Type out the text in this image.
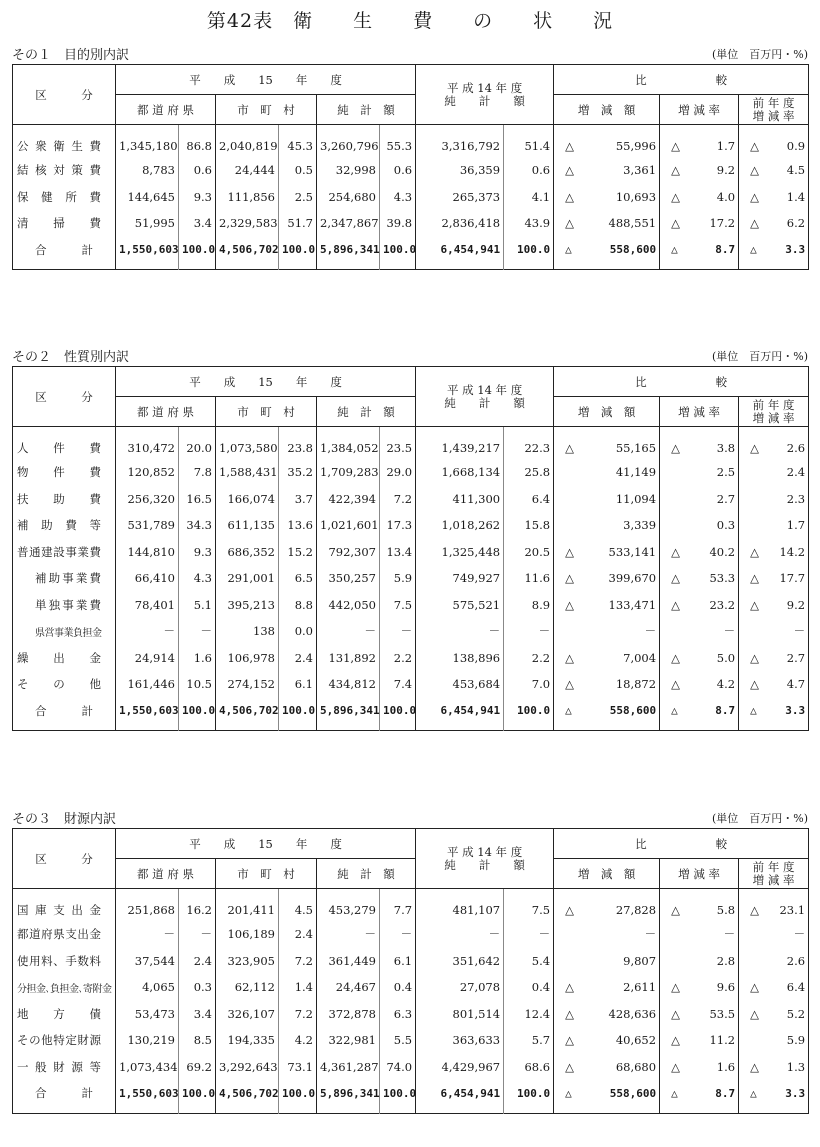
第42表　衛　　生　　費　　の　　状　　況
その１　目的別内訳	(単位　百万円・%)
区　　　分	平　　成　　15　　年　　度						平 成 14 年 度
純　　計　　額		比　　　　　　較		
	都 道 府 県		市　町　村		純　計　額				増　減　額	増 減 率	前 年 度
増 減 率
公衆衛生費	1,345,180	86.8	2,040,819	45.3	3,260,796	55.3	3,316,792	51.4	△ 55,996	△ 1.7	△ 0.9

結核対策費	8,783	0.6	24,444	0.5	32,998	0.6	36,359	0.6	△ 3,361	△ 9.2	△ 4.5

保健所費	144,645	9.3	111,856	2.5	254,680	4.3	265,373	4.1	△ 10,693	△ 4.0	△ 1.4

清掃費	51,995	3.4	2,329,583	51.7	2,347,867	39.8	2,836,418	43.9	△ 488,551	△ 17.2	△ 6.2

合計	1,550,603	100.0	4,506,702	100.0	5,896,341	100.0	6,454,941	100.0	△ 558,600	△ 8.7	△ 3.3
その２　性質別内訳	(単位　百万円・%)
区　　　分	平　　成　　15　　年　　度						平 成 14 年 度
純　　計　　額		比　　　　　　較		
	都 道 府 県		市　町　村		純　計　額				増　減　額	増 減 率	前 年 度
増 減 率
人件費	310,472	20.0	1,073,580	23.8	1,384,052	23.5	1,439,217	22.3	△ 55,165	△ 3.8	△ 2.6

物件費	120,852	7.8	1,588,431	35.2	1,709,283	29.0	1,668,134	25.8	41,149	2.5	2.4

扶助費	256,320	16.5	166,074	3.7	422,394	7.2	411,300	6.4	11,094	2.7	2.3

補助費等	531,789	34.3	611,135	13.6	1,021,601	17.3	1,018,262	15.8	3,339	0.3	1.7

普通建設事業費	144,810	9.3	686,352	15.2	792,307	13.4	1,325,448	20.5	△ 533,141	△ 40.2	△ 14.2

補助事業費	66,410	4.3	291,001	6.5	350,257	5.9	749,927	11.6	△ 399,670	△ 53.3	△ 17.7

単独事業費	78,401	5.1	395,213	8.8	442,050	7.5	575,521	8.9	△ 133,471	△ 23.2	△ 9.2

県営事業負担金	－	－	138	0.0	－	－	－	－	－	－	－

繰出金	24,914	1.6	106,978	2.4	131,892	2.2	138,896	2.2	△ 7,004	△ 5.0	△ 2.7

その他	161,446	10.5	274,152	6.1	434,812	7.4	453,684	7.0	△ 18,872	△ 4.2	△ 4.7

合計	1,550,603	100.0	4,506,702	100.0	5,896,341	100.0	6,454,941	100.0	△ 558,600	△ 8.7	△ 3.3
その３　財源内訳	(単位　百万円・%)
区　　　分	平　　成　　15　　年　　度						平 成 14 年 度
純　　計　　額		比　　　　　　較		
	都 道 府 県		市　町　村		純　計　額				増　減　額	増 減 率	前 年 度
増 減 率
国庫支出金	251,868	16.2	201,411	4.5	453,279	7.7	481,107	7.5	△ 27,828	△ 5.8	△ 23.1

都道府県支出金	－	－	106,189	2.4	－	－	－	－	－	－	－

使用料、手数料	37,544	2.4	323,905	7.2	361,449	6.1	351,642	5.4	9,807	2.8	2.6

分担金､負担金､寄附金	4,065	0.3	62,112	1.4	24,467	0.4	27,078	0.4	△ 2,611	△ 9.6	△ 6.4

地方債	53,473	3.4	326,107	7.2	372,878	6.3	801,514	12.4	△ 428,636	△ 53.5	△ 5.2

その他特定財源	130,219	8.5	194,335	4.2	322,981	5.5	363,633	5.7	△ 40,652	△ 11.2	5.9

一般財源等	1,073,434	69.2	3,292,643	73.1	4,361,287	74.0	4,429,967	68.6	△ 68,680	△ 1.6	△ 1.3

合計	1,550,603	100.0	4,506,702	100.0	5,896,341	100.0	6,454,941	100.0	△ 558,600	△ 8.7	△ 3.3
